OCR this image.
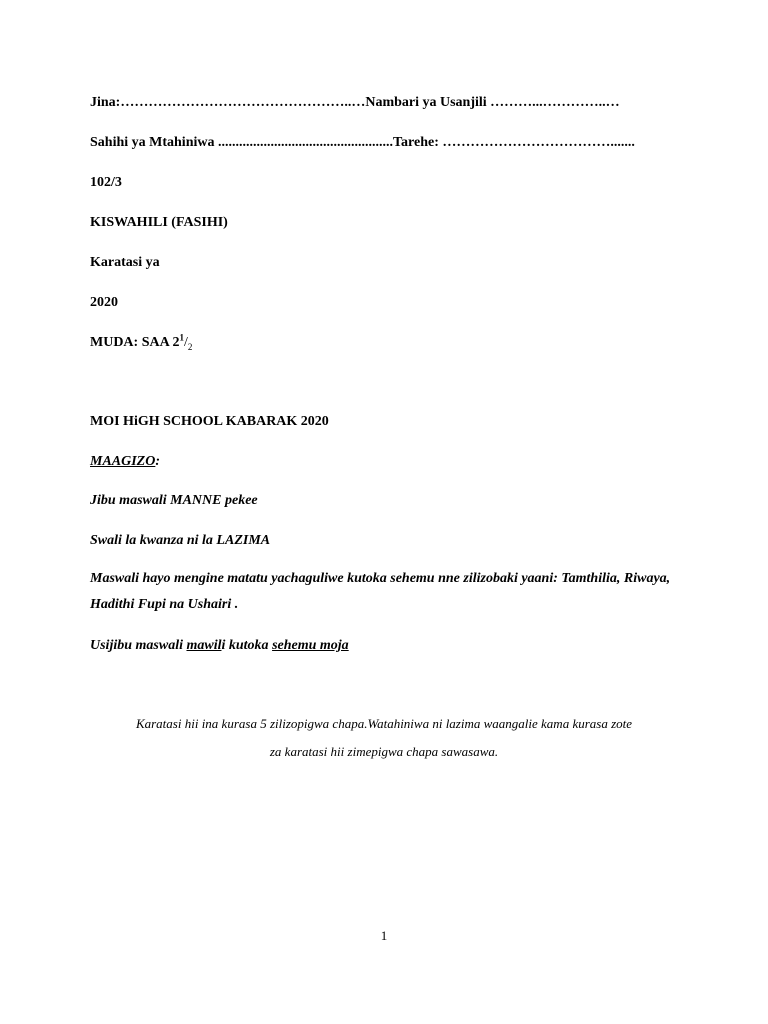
Jina:…………………………………………..…Nambari ya Usanjili ………...…………..…
Sahihi ya Mtahiniwa ..................................................Tarehe: ……………………………….......
102/3
KISWAHILI (FASIHI)
Karatasi ya
2020
MUDA: SAA $2^1/_2$
MOI HiGH SCHOOL KABARAK 2020
MAAGIZO:
Jibu maswali MANNE pekee
Swali la kwanza ni la LAZIMA
Maswali hayo mengine matatu yachaguliwe kutoka sehemu nne zilizobaki yaani: Tamthilia, Riwaya, Hadithi Fupi na Ushairi .
Usijibu maswali mawili kutoka sehemu moja
Karatasi hii ina kurasa 5 zilizopigwa chapa.Watahiniwa ni lazima waangalie kama kurasa zote
za karatasi hii zimepigwa chapa sawasawa.
1
